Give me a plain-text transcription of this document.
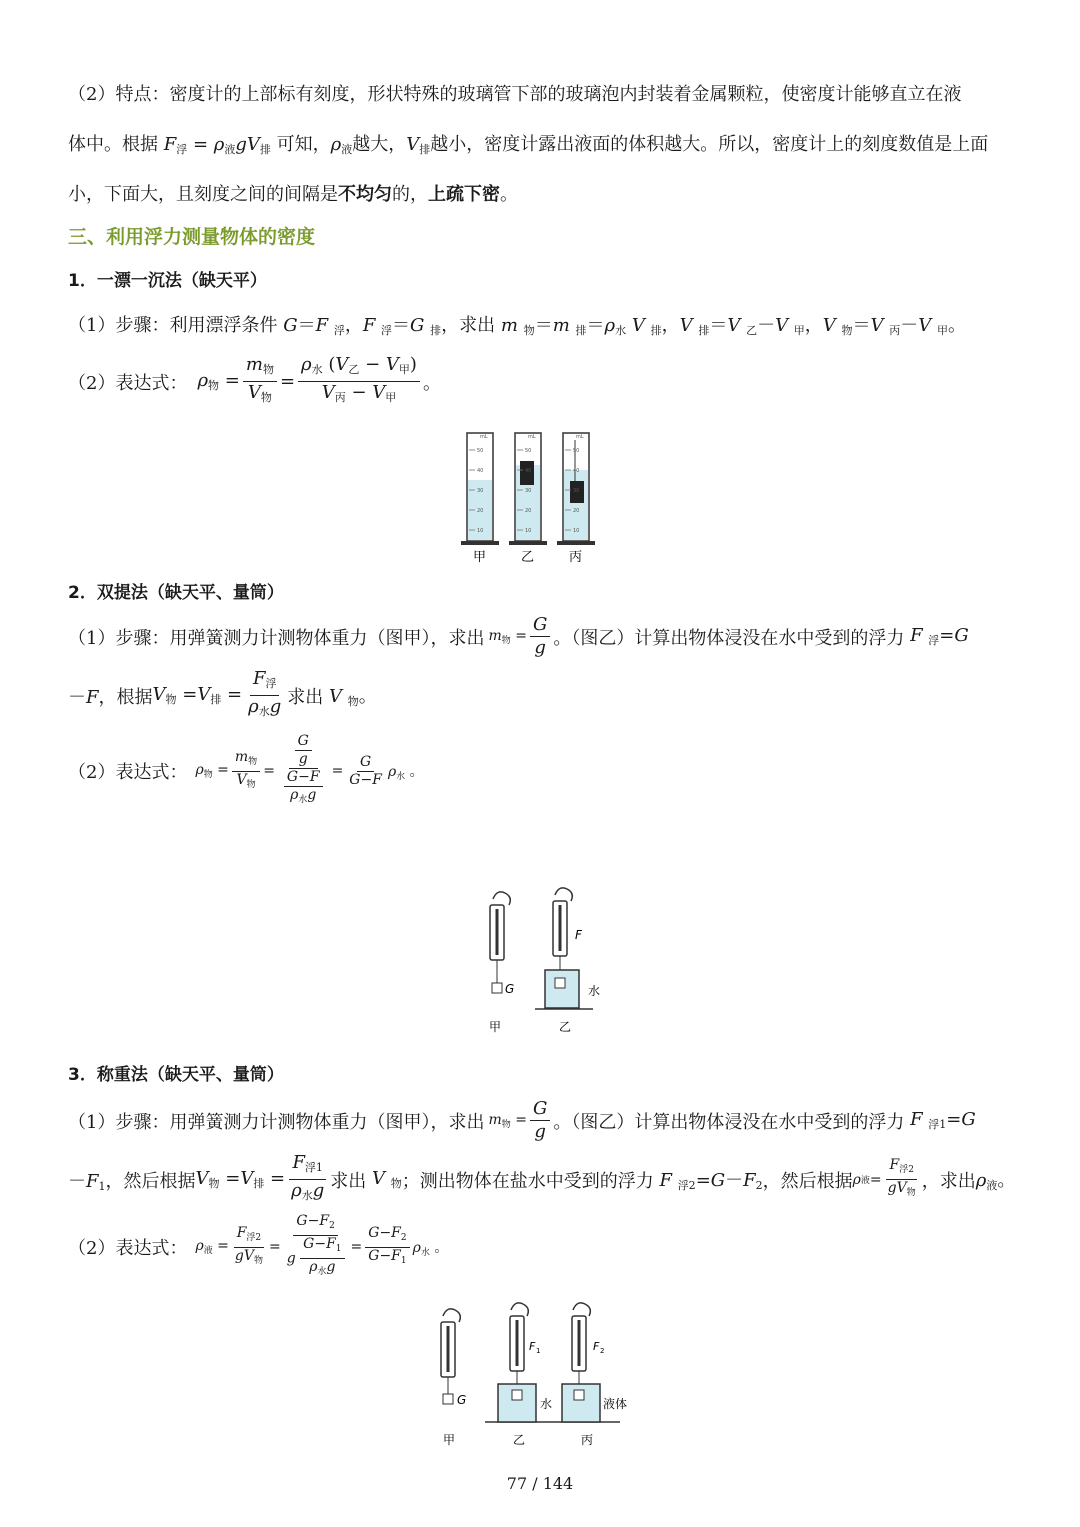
（2）特点：密度计的上部标有刻度，形状特殊的玻璃管下部的玻璃泡内封装着金属颗粒，使密度计能够直立在液
体中。根据 $F_浮 = \rho_液gV_排$ 可知，$\rho_液$越大，$V_排$越小，密度计露出液面的体积越大。所以，密度计上的刻度数值是上面
小，下面大，且刻度之间的间隔是不均匀的，上疏下密。
三、利用浮力测量物体的密度
1．一漂一沉法（缺天平）
（1）步骤：利用漂浮条件 G＝F $_浮$，F $_浮$＝G $_排$，求出 m $_物$＝m $_排=\rho_水$ V $_排$，V $_排$＝V $_乙$－V $_甲$，V $_物$＝V $_丙$－V $_甲$。
（2）表达式： $\rho_物 = \frac{m_物}{V_物} = \frac{\rho_水 (V_乙 - V_甲)}{V_丙 - V_甲}$ 。
mL	mL	mL
50
40
30
20
10
50
40
30
20
10
50
40
30
20
10
甲	乙	丙
2．双提法（缺天平、量筒）
（1）步骤：用弹簧测力计测物体重力（图甲），求出 $m_物 = \frac{G}{g}$ 。（图乙）计算出物体浸没在水中受到的浮力 F $_浮$=G
－F ，根据 $V_物 =V_排 = \frac{F_浮}{\rho_水g}$ 求出 V $_物$。
（2）表达式： $\rho_物 = \frac{m_物}{V_物} = \frac{\frac{G}{g}}{\frac{G-F}{\rho_水g}} = \frac{G}{G-F} \rho_水$ 。
G
甲
F
水
乙
3．称重法（缺天平、量筒）
（1）步骤：用弹簧测力计测物体重力（图甲），求出 $m_物 = \frac{G}{g}$ 。（图乙）计算出物体浸没在水中受到的浮力 F $_{浮1}$=G
$-F_1$ ，然后根据 $V_物 =V_排 = \frac{F_{浮1}}{\rho_水g}$ 求出 V $_物$ ；测出物体在盐水中受到的浮力 F $_{浮2}=G-F_2$ ，然后根据 ρ 液 = $\frac{F_{浮2}}{gV_物}$ ，求出 $\rho_液$。
（2）表达式： $\rho_液 = \frac{F_{浮2}}{gV_物} = \frac{G-F_2}{g \frac{G-F_1}{\rho_水g}} = \frac{G-F_2}{G-F_1} \rho_水$ 。
G
甲
F 1
水
乙
F 2
液体
丙
77 / 144
